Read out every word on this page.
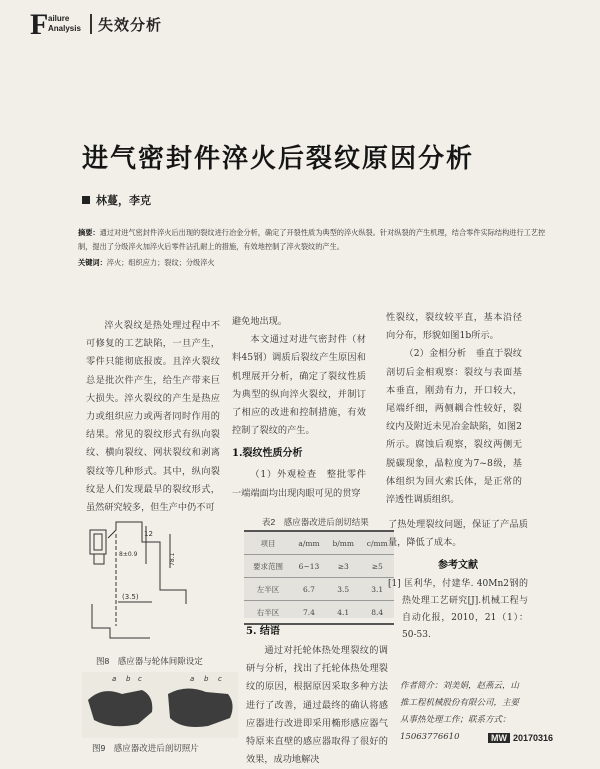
F ailure
Analysis	失效分析
进气密封件淬火后裂纹原因分析
林蔓，李克
摘要：通过对进气密封件淬火后出现的裂纹进行冶金分析，确定了开裂性质为典型的淬火纵裂。针对纵裂的产生机理，结合零件实际结构进行工艺控制，提出了分级淬火加淬火后零件沾孔耐上的措施，有效地控制了淬火裂纹的产生。
关键词：淬火；组织应力；裂纹；分级淬火
淬火裂纹是热处理过程中不可修复的工艺缺陷，一旦产生，零件只能彻底报废。且淬火裂纹总是批次件产生，给生产带来巨大损失。淬火裂纹的产生是热应力或组织应力或两者同时作用的结果。常见的裂纹形式有纵向裂纹、横向裂纹、网状裂纹和剥离裂纹等几种形式。其中，纵向裂纹是人们发现最早的裂纹形式，虽然研究较多，但生产中仍不可

避免地出现。

本文通过对进气密封件（材料45钢）调质后裂纹产生原因和机理展开分析，确定了裂纹性质为典型的纵向淬火裂纹，并制订了相应的改进和控制措施，有效控制了裂纹的产生。

1.裂纹性质分析

（1）外观检查　整批零件一端端面均出现肉眼可见的贯穿

性裂纹，裂纹较平直，基本沿径向分布，形貌如图1b所示。

（2）金相分析　垂直于裂纹剖切后金相观察：裂纹与表面基本垂直，刚劲有力，开口较大，尾端纤细，两侧耦合性较好，裂纹内及附近未见冶金缺陷，如图2所示。腐蚀后观察，裂纹两侧无脱碳现象，晶粒度为7~8级，基体组织为回火索氏体，是正常的淬透性调质组织。

12
8±0.9
(3.5)
78.1
图8　感应器与轮体间隙设定
a b c	a b c
图9　感应器改进后剖切照片
表2　感应器改进后剖切结果
项目	a/mm	b/mm	c/mm
要求范围	6~13	≥3	≥5
左半区	6.7	3.5	3.1
右半区	7.4	4.1	8.4
5. 结语

通过对托轮体热处理裂纹的调研与分析，找出了托轮体热处理裂纹的原因，根据原因采取多种方法进行了改善，通过最终的确认将感应器进行改进即采用椭形感应器气特原来直壁的感应器取得了很好的效果，成功地解决

了热处理裂纹问题，保证了产品质量，降低了成本。

参考文献

[1] 匡利华，付建华. 40Mn2钢的热处理工艺研究[J].机械工程与自动化报，2010，21（1）：50-53.

作者简介：刘美娟，赵燕云，山推工程机械股份有限公司，主要从事热处理工作；联系方式：15063776610	MW 20170316
